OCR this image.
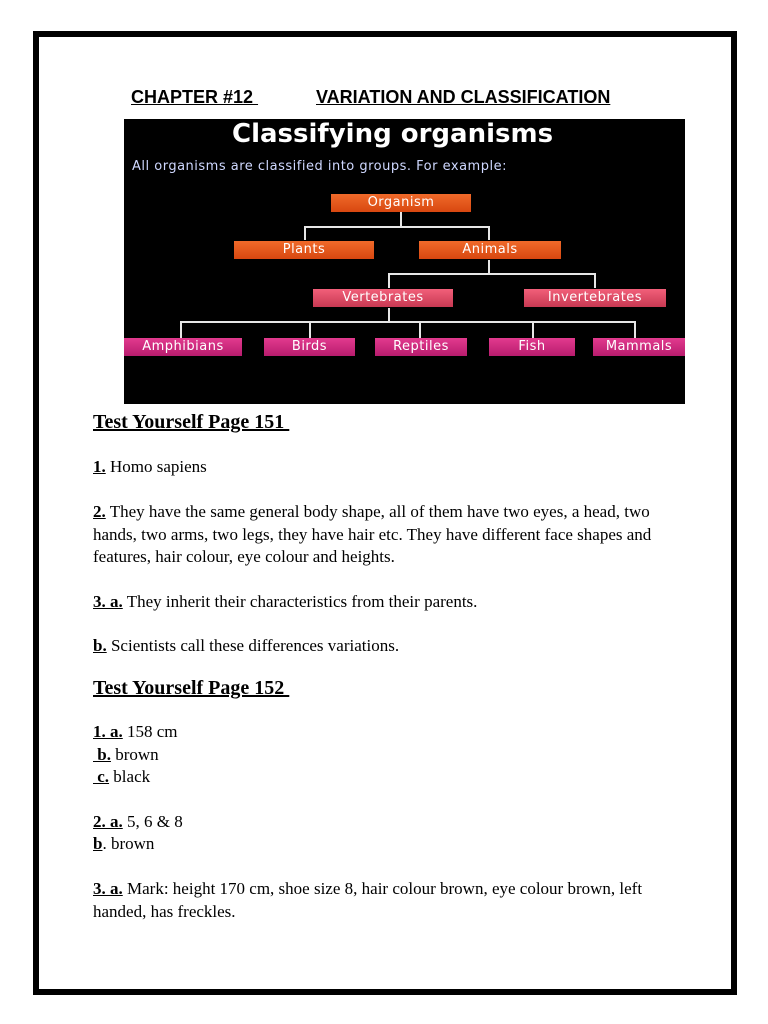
CHAPTER #12	VARIATION AND CLASSIFICATION
Classifying organisms
All organisms are classified into groups. For example:
Organism
Plants	Animals
Vertebrates	Invertebrates
Amphibians	Birds	Reptiles	Fish	Mammals
Test Yourself Page 151
1. Homo sapiens
2. They have the same general body shape, all of them have two eyes, a head, two hands, two arms, two legs, they have hair etc. They have different face shapes and features, hair colour, eye colour and heights.
3. a. They inherit their characteristics from their parents.
b. Scientists call these differences variations.
Test Yourself Page 152
1. a. 158 cm
b. brown
c. black
2. a. 5, 6 & 8
b. brown
3. a. Mark: height 170 cm, shoe size 8, hair colour brown, eye colour brown, left handed, has freckles.
